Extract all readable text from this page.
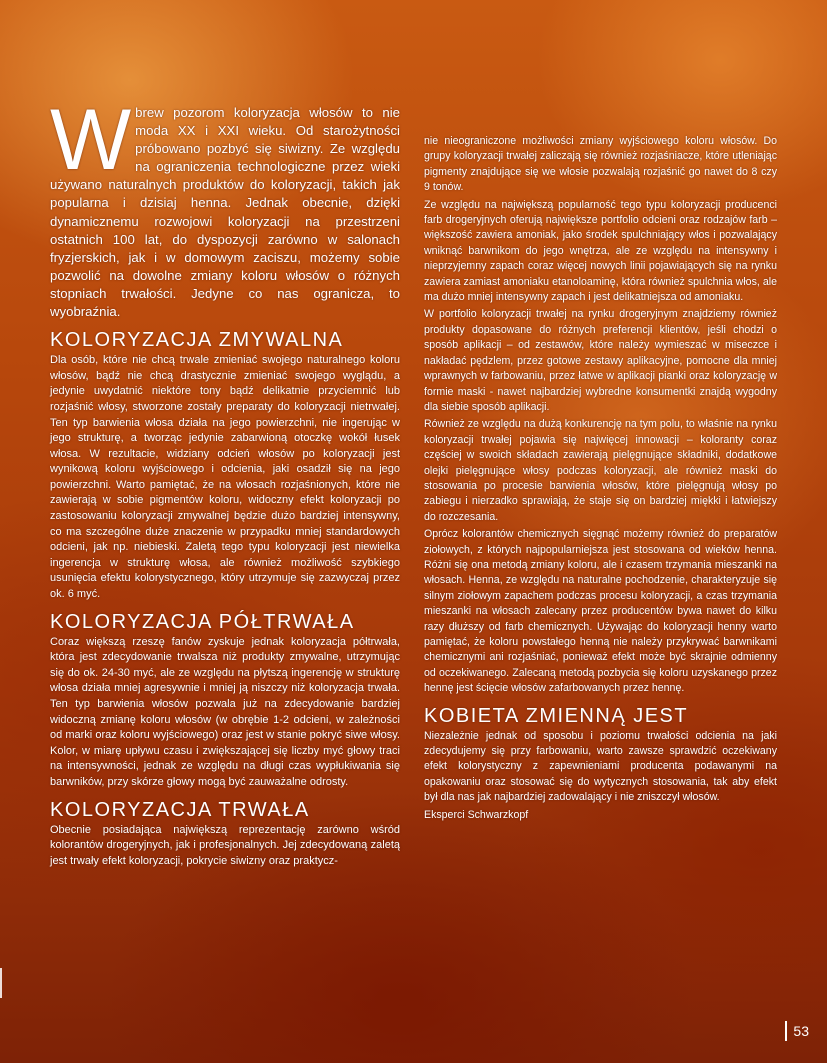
Wbrew pozorom koloryzacja włosów to nie moda XX i XXI wieku. Od starożytności próbowano pozbyć się siwizny. Ze względu na ograniczenia technologiczne przez wieki używano naturalnych produktów do koloryzacji, takich jak popularna i dzisiaj henna. Jednak obecnie, dzięki dynamicznemu rozwojowi koloryzacji na przestrzeni ostatnich 100 lat, do dyspozycji zarówno w salonach fryzjerskich, jak i w domowym zaciszu, możemy sobie pozwolić na dowolne zmiany koloru włosów o różnych stopniach trwałości. Jedyne co nas ogranicza, to wyobraźnia.

KOLORYZACJA ZMYWALNA

Dla osób, które nie chcą trwale zmieniać swojego naturalnego koloru włosów, bądź nie chcą drastycznie zmieniać swojego wyglądu, a jedynie uwydatnić niektóre tony bądź delikatnie przyciemnić lub rozjaśnić włosy, stworzone zostały preparaty do koloryzacji nietrwałej. Ten typ barwienia włosa działa na jego powierzchni, nie ingerując w jego strukturę, a tworząc jedynie zabarwioną otoczkę wokół łusek włosa. W rezultacie, widziany odcień włosów po koloryzacji jest wynikową koloru wyjściowego i odcienia, jaki osadził się na jego powierzchni. Warto pamiętać, że na włosach rozjaśnionych, które nie zawierają w sobie pigmentów koloru, widoczny efekt koloryzacji po zastosowaniu koloryzacji zmywalnej będzie dużo bardziej intensywny, co ma szczególne duże znaczenie w przypadku mniej standardowych odcieni, jak np. niebieski. Zaletą tego typu koloryzacji jest niewielka ingerencja w strukturę włosa, ale również możliwość szybkiego usunięcia efektu kolorystycznego, który utrzymuje się zazwyczaj przez ok. 6 myć.

KOLORYZACJA PÓŁTRWAŁA

Coraz większą rzeszę fanów zyskuje jednak koloryzacja półtrwała, która jest zdecydowanie trwalsza niż produkty zmywalne, utrzymując się do ok. 24-30 myć, ale ze względu na płytszą ingerencję w strukturę włosa działa mniej agresywnie i mniej ją niszczy niż koloryzacja trwała. Ten typ barwienia włosów pozwala już na zdecydowanie bardziej widoczną zmianę koloru włosów (w obrębie 1-2 odcieni, w zależności od marki oraz koloru wyjściowego) oraz jest w stanie pokryć siwe włosy. Kolor, w miarę upływu czasu i zwiększającej się liczby myć głowy traci na intensywności, jednak ze względu na długi czas wypłukiwania się barwników, przy skórze głowy mogą być zauważalne odrosty.

KOLORYZACJA TRWAŁA

Obecnie posiadająca największą reprezentację zarówno wśród kolorantów drogeryjnych, jak i profesjonalnych. Jej zdecydowaną zaletą jest trwały efekt koloryzacji, pokrycie siwizny oraz praktycz-

nie nieograniczone możliwości zmiany wyjściowego koloru włosów. Do grupy koloryzacji trwałej zaliczają się również rozjaśniacze, które utleniając pigmenty znajdujące się we włosie pozwalają rozjaśnić go nawet do 8 czy 9 tonów.

Ze względu na największą popularność tego typu koloryzacji producenci farb drogeryjnych oferują największe portfolio odcieni oraz rodzajów farb – większość zawiera amoniak, jako środek spulchniający włos i pozwalający wniknąć barwnikom do jego wnętrza, ale ze względu na intensywny i nieprzyjemny zapach coraz więcej nowych linii pojawiających się na rynku zawiera zamiast amoniaku etanoloaminę, która również spulchnia włos, ale ma dużo mniej intensywny zapach i jest delikatniejsza od amoniaku.

W portfolio koloryzacji trwałej na rynku drogeryjnym znajdziemy również produkty dopasowane do różnych preferencji klientów, jeśli chodzi o sposób aplikacji – od zestawów, które należy wymieszać w miseczce i nakładać pędzlem, przez gotowe zestawy aplikacyjne, pomocne dla mniej wprawnych w farbowaniu, przez łatwe w aplikacji pianki oraz koloryzację w formie maski - nawet najbardziej wybredne konsumentki znajdą wygodny dla siebie sposób aplikacji.

Również ze względu na dużą konkurencję na tym polu, to właśnie na rynku koloryzacji trwałej pojawia się najwięcej innowacji – koloranty coraz częściej w swoich składach zawierają pielęgnujące składniki, dodatkowe olejki pielęgnujące włosy podczas koloryzacji, ale również maski do stosowania po procesie barwienia włosów, które pielęgnują włosy po zabiegu i nierzadko sprawiają, że staje się on bardziej miękki i łatwiejszy do rozczesania.

Oprócz kolorantów chemicznych sięgnąć możemy również do preparatów ziołowych, z których najpopularniejsza jest stosowana od wieków henna. Różni się ona metodą zmiany koloru, ale i czasem trzymania mieszanki na włosach. Henna, ze względu na naturalne pochodzenie, charakteryzuje się silnym ziołowym zapachem podczas procesu koloryzacji, a czas trzymania mieszanki na włosach zalecany przez producentów bywa nawet do kilku razy dłuższy od farb chemicznych. Używając do koloryzacji henny warto pamiętać, że koloru powstałego henną nie należy przykrywać barwnikami chemicznymi ani rozjaśniać, ponieważ efekt może być skrajnie odmienny od oczekiwanego. Zalecaną metodą pozbycia się koloru uzyskanego przez hennę jest ścięcie włosów zafarbowanych przez hennę.

KOBIETA ZMIENNĄ JEST

Niezależnie jednak od sposobu i poziomu trwałości odcienia na jaki zdecydujemy się przy farbowaniu, warto zawsze sprawdzić oczekiwany efekt kolorystyczny z zapewnieniami producenta podawanymi na opakowaniu oraz stosować się do wytycznych stosowania, tak aby efekt był dla nas jak najbardziej zadowalający i nie zniszczył włosów.

Eksperci Schwarzkopf

53
